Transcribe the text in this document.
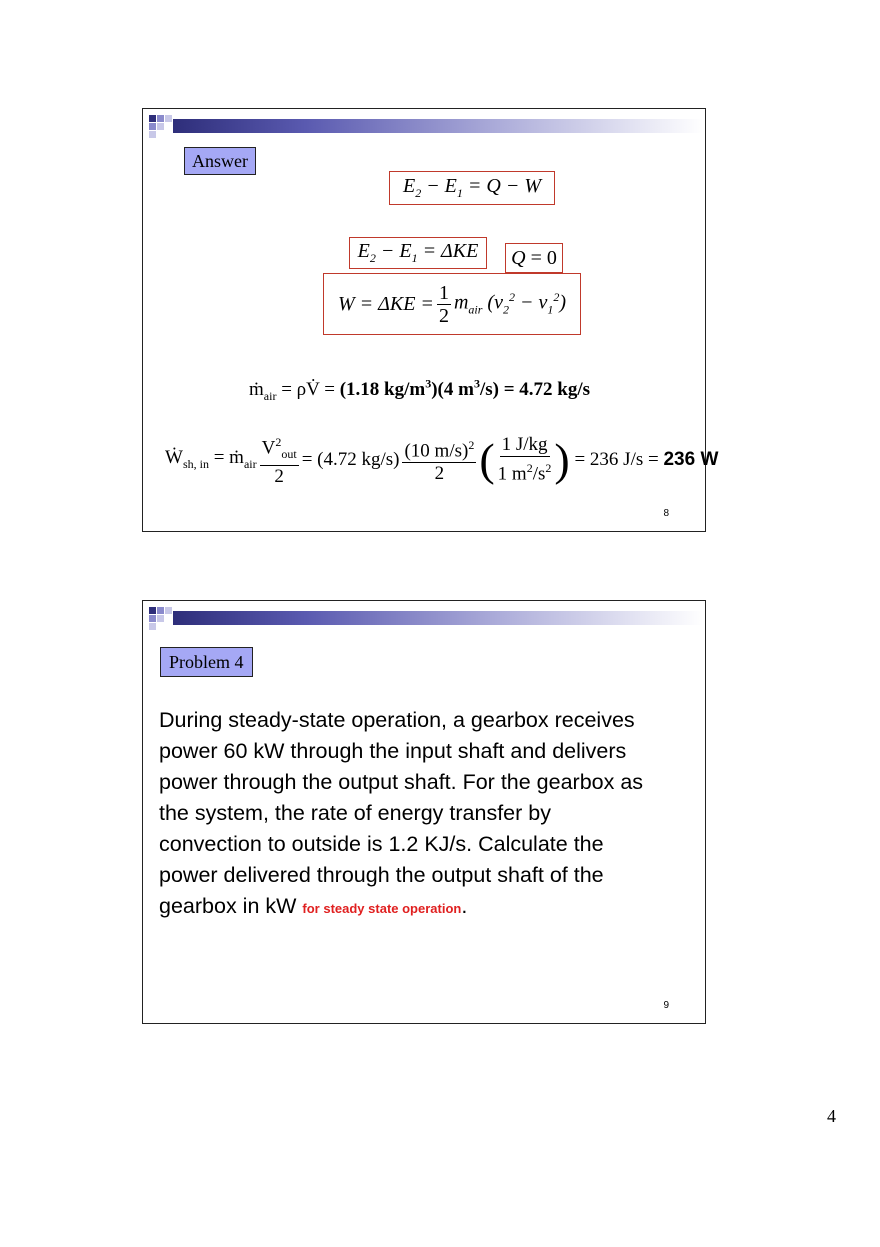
Answer
$E_2 - E_1 = Q - W$
$E_2 - E_1 = \Delta KE$ Q = 0
$W = \Delta KE = \frac{1}{2} m_{air}$ $(v_2^2 - v_1^2)$
ṁ$_{air}$ = ρV̇ = (1.18 $kg/m^3)(4$ $m^3/s) = 4.72$ kg/s
Ẇ$_{sh, in}$ = ṁ$_{air}$ $\frac{V^2_{out}}{2} = (4.72$ $kg/s) \frac{(10 m/s)^2}{2}$ ( $\frac{1 J/kg}{1 m^2/s^2}$ ) = 236 J/s = 236 W
8
Problem 4
During steady-state operation, a gearbox receives power 60 kW through the input shaft and delivers power through the output shaft. For the gearbox as the system, the rate of energy transfer by convection to outside is 1.2 KJ/s. Calculate the power delivered through the output shaft of the gearbox in kW for steady state operation.
9
4
